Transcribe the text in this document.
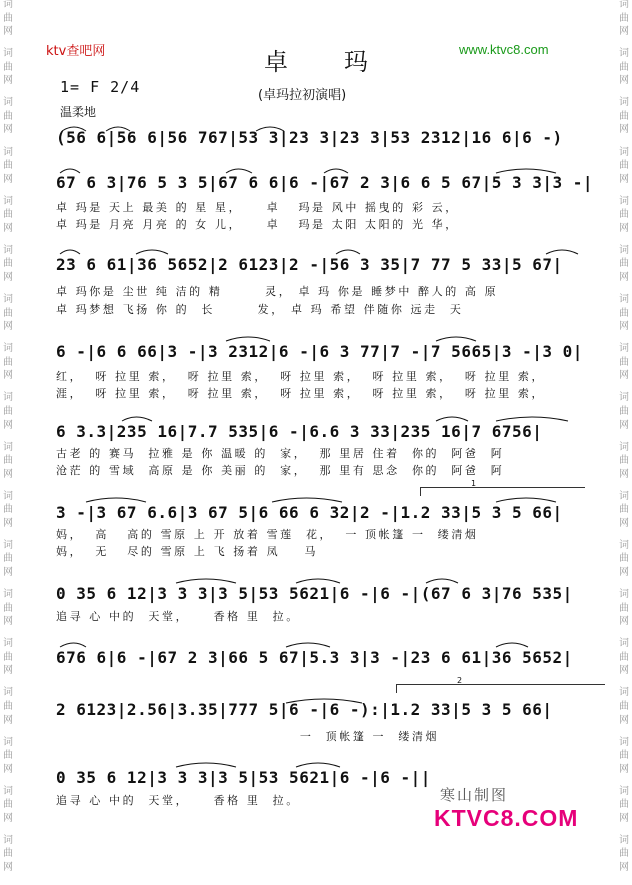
词
曲
网
词
曲
网
词
曲
网
词
曲
网
词
曲
网
词
曲
网
词
曲
网
词
曲
网
词
曲
网
词
曲
网
词
曲
网
词
曲
网
词
曲
网
词
曲
网
词
曲
网
词
曲
网
词
曲
网
词
曲
网
词
曲
网
词
曲
网
词
曲
网
词
曲
网
词
曲
网
词
曲
网
词
曲
网
词
曲
网
词
曲
网
词
曲
网
词
曲
网
词
曲
网
词
曲
网
词
曲
网
词
曲
网
词
曲
网
词
曲
网
词
曲
网
ktv查吧网	www.ktvc8.com
卓玛
(卓玛拉初演唱)
1= F 2/4
温柔地
(56 6|56 6|56 767|53 3|23 3|23 3|53 2312|16 6|6 -)
67 6 3|76 5 3 5|67 6 6|6 -|67 2 3|6 6 5 67|5 3 3|3 -|
卓 玛是 天上 最美 的 星 星，    卓   玛是 风中 摇曳的 彩 云，
卓 玛是 月亮 月亮 的 女 儿，    卓   玛是 太阳 太阳的 光 华，
23 6 61|36 5652|2 6123|2 -|56 3 35|7 77 5 33|5 67|
卓 玛你是 尘世 纯 洁的 精       灵， 卓 玛 你是 睡梦中 醉人的 高 原
卓 玛梦想 飞扬 你 的  长       发， 卓 玛 希望 伴随你 远走  天
6 -|6 6 66|3 -|3 2312|6 -|6 3 77|7 -|7 5665|3 -|3 0|
红，  呀 拉里 索，  呀 拉里 索，  呀 拉里 索，  呀 拉里 索，  呀 拉里 索，
涯，  呀 拉里 索，  呀 拉里 索，  呀 拉里 索，  呀 拉里 索，  呀 拉里 索，
6 3.3|235 16|7.7 535|6 -|6.6 3 33|235 16|7 6756|
古老 的 赛马  拉雅 是 你 温暖 的  家，  那 里居 住着  你的  阿爸  阿
沧茫 的 雪域  高原 是 你 美丽 的  家，  那 里有 思念  你的  阿爸  阿
1
3 -|3 67 6.6|3 67 5|6 66 6 32|2 -|1.2 33|5 3 5 66|
妈，  高   高的 雪原 上 开 放着 雪莲  花，  一 顶帐篷 一  缕清烟
妈，  无   尽的 雪原 上 飞 扬着 凤    马
0 35 6 12|3 3 3|3 5|53 5621|6 -|6 -|(67 6 3|76 535|
追寻 心 中的  天堂，    香格 里  拉。
676 6|6 -|67 2 3|66 5 67|5.3 3|3 -|23 6 61|36 5652|
2
2 6123|2.56|3.35|777 5|6 -|6 -):|1.2 33|5 3 5 66|
一  顶帐篷 一  缕清烟
0 35 6 12|3 3 3|3 5|53 5621|6 -|6 -||
追寻 心 中的  天堂，    香格 里  拉。	寒山制图
KTVC8.COM
